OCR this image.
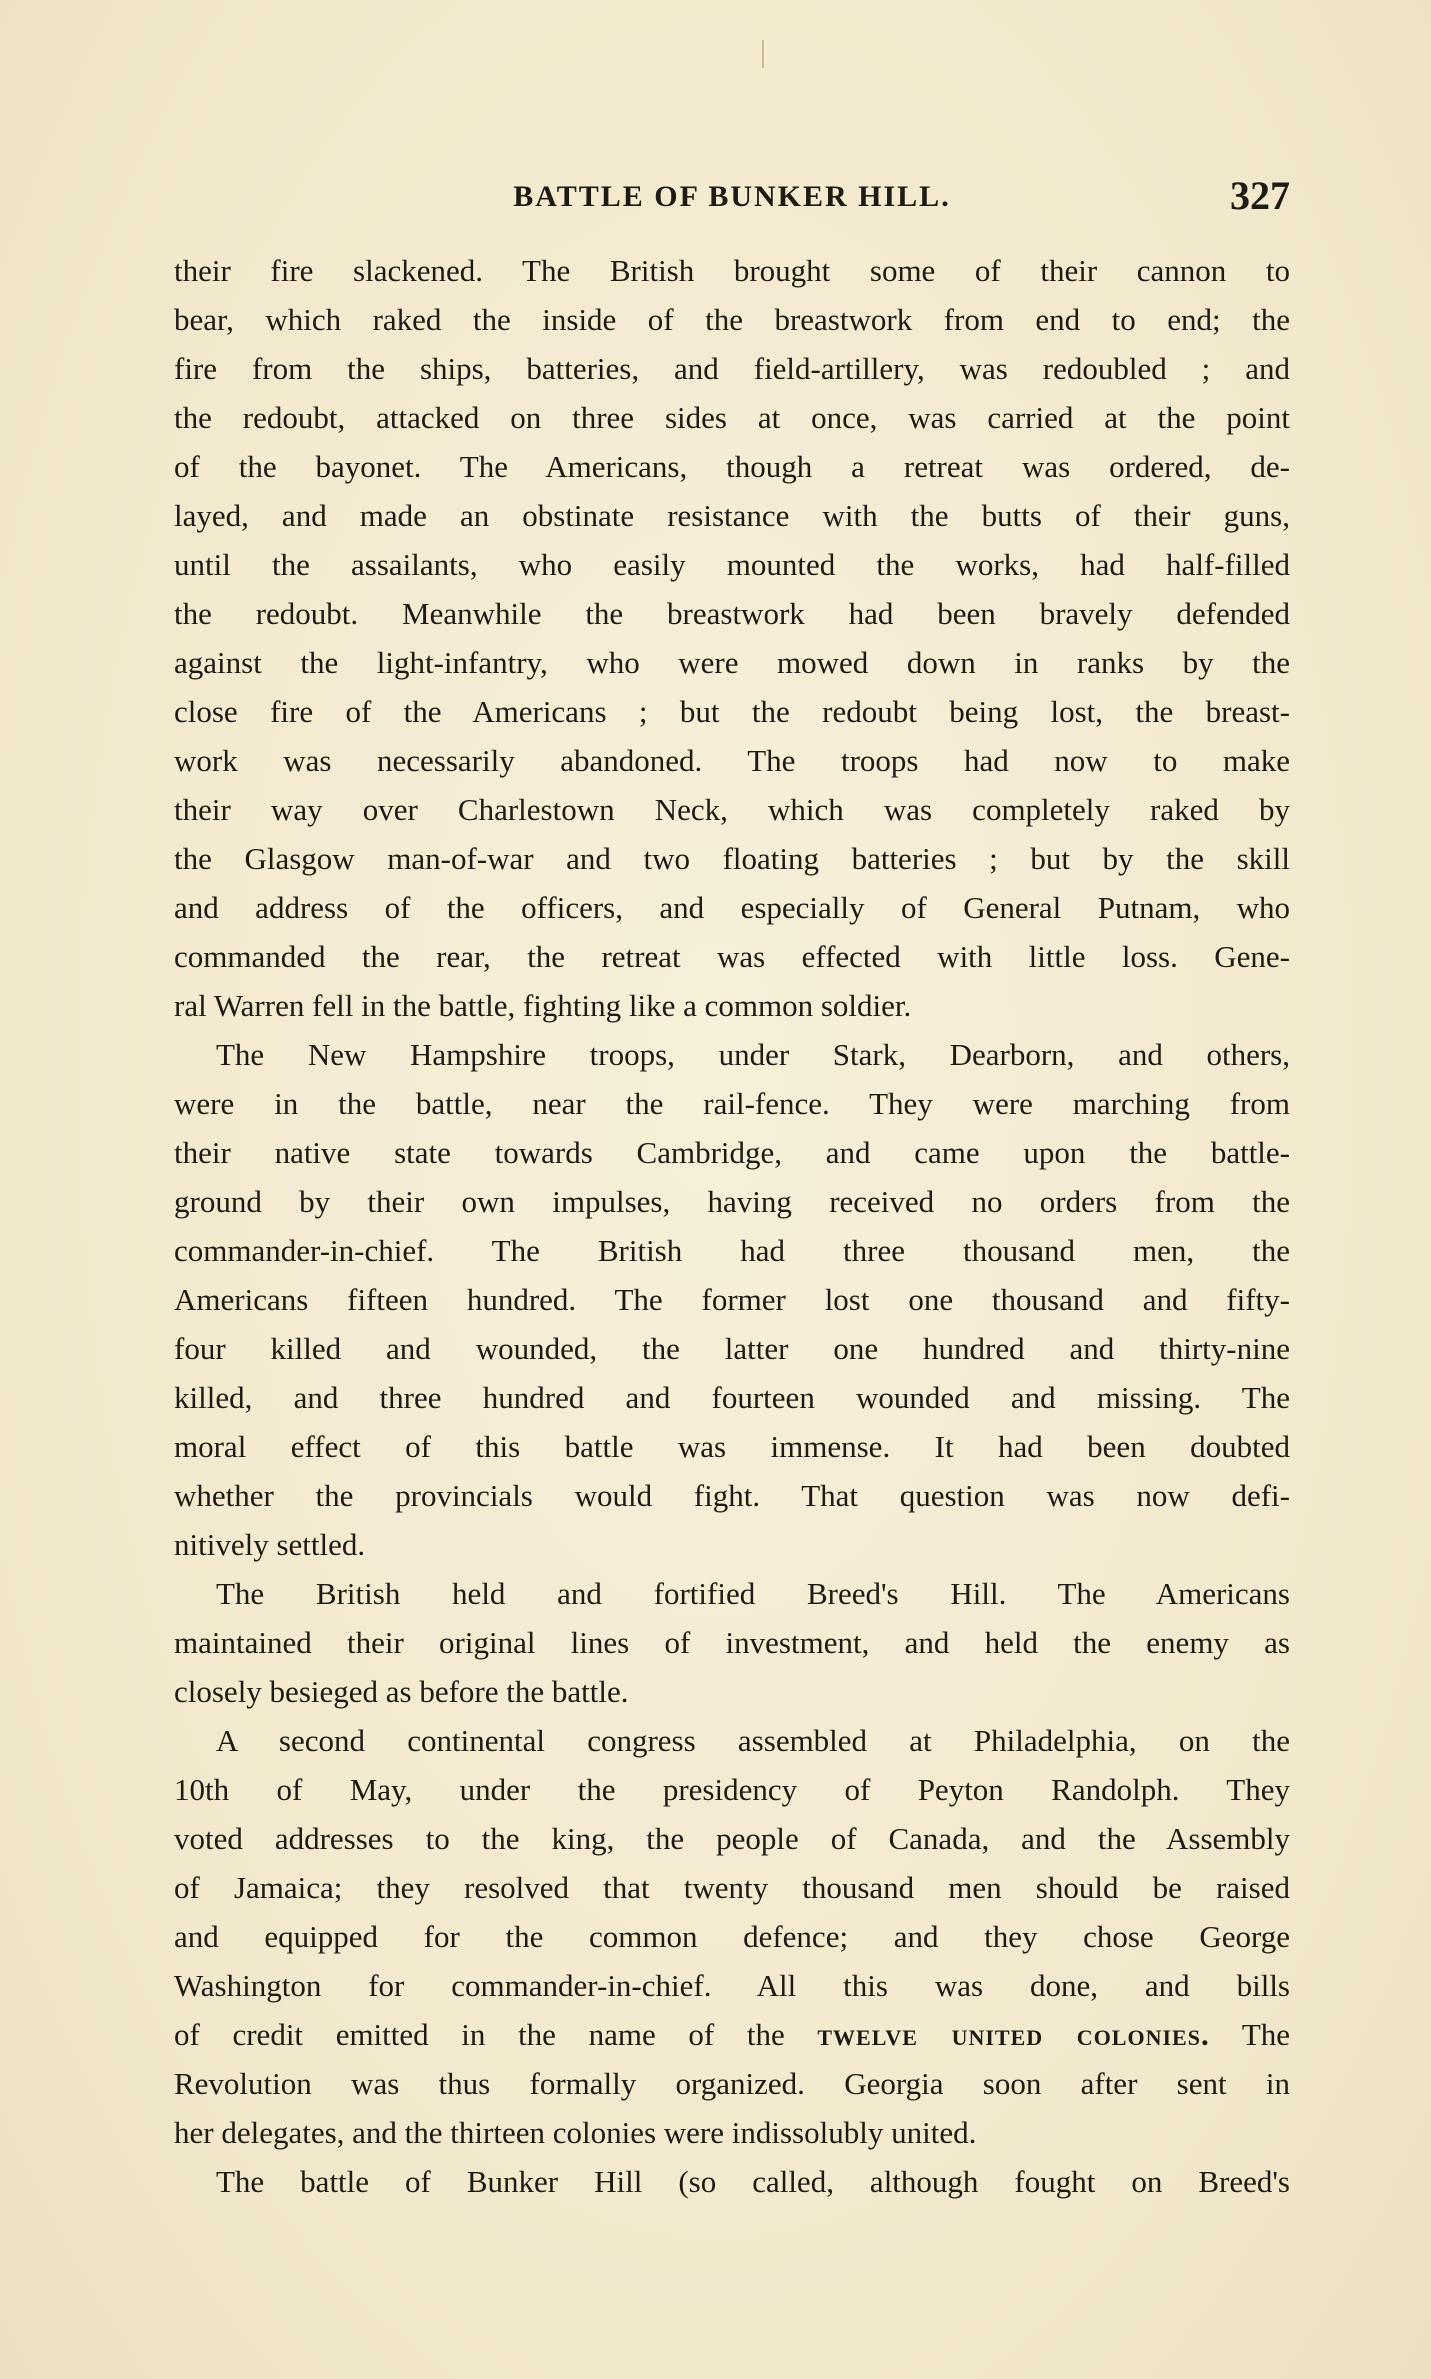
BATTLE OF BUNKER HILL.	327
their fire slackened. The British brought some of their cannon to
bear, which raked the inside of the breastwork from end to end; the
fire from the ships, batteries, and field-artillery, was redoubled ; and
the redoubt, attacked on three sides at once, was carried at the point
of the bayonet. The Americans, though a retreat was ordered, de-
layed, and made an obstinate resistance with the butts of their guns,
until the assailants, who easily mounted the works, had half-filled
the redoubt. Meanwhile the breastwork had been bravely defended
against the light-infantry, who were mowed down in ranks by the
close fire of the Americans ; but the redoubt being lost, the breast-
work was necessarily abandoned. The troops had now to make
their way over Charlestown Neck, which was completely raked by
the Glasgow man-of-war and two floating batteries ; but by the skill
and address of the officers, and especially of General Putnam, who
commanded the rear, the retreat was effected with little loss. Gene-
ral Warren fell in the battle, fighting like a common soldier.
The New Hampshire troops, under Stark, Dearborn, and others,
were in the battle, near the rail-fence. They were marching from
their native state towards Cambridge, and came upon the battle-
ground by their own impulses, having received no orders from the
commander-in-chief. The British had three thousand men, the
Americans fifteen hundred. The former lost one thousand and fifty-
four killed and wounded, the latter one hundred and thirty-nine
killed, and three hundred and fourteen wounded and missing. The
moral effect of this battle was immense. It had been doubted
whether the provincials would fight. That question was now defi-
nitively settled.
The British held and fortified Breed's Hill. The Americans
maintained their original lines of investment, and held the enemy as
closely besieged as before the battle.
A second continental congress assembled at Philadelphia, on the
10th of May, under the presidency of Peyton Randolph. They
voted addresses to the king, the people of Canada, and the Assembly
of Jamaica; they resolved that twenty thousand men should be raised
and equipped for the common defence; and they chose George
Washington for commander-in-chief. All this was done, and bills
of credit emitted in the name of the twelve united colonies. The
Revolution was thus formally organized. Georgia soon after sent in
her delegates, and the thirteen colonies were indissolubly united.
The battle of Bunker Hill (so called, although fought on Breed's
